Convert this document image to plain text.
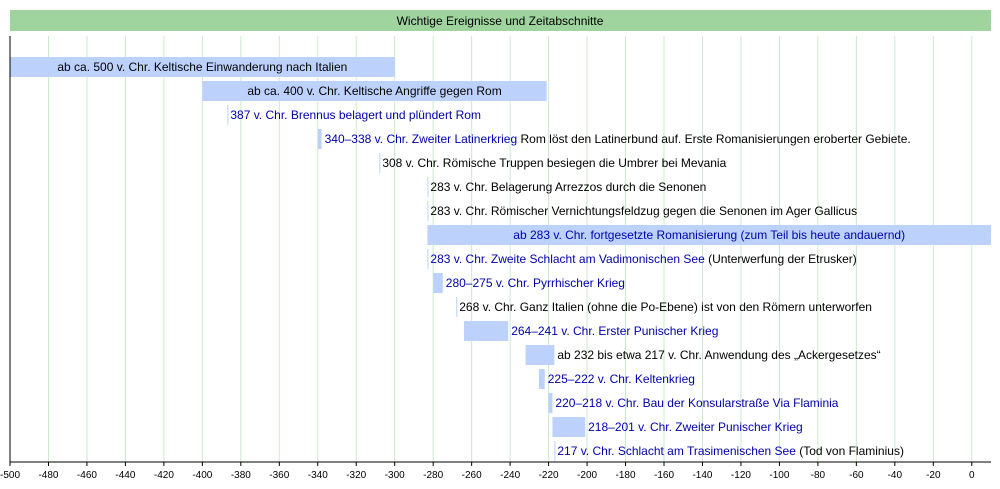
Wichtige Ereignisse und Zeitabschnitte
ab ca. 500 v. Chr. Keltische Einwanderung nach Italien
ab ca. 400 v. Chr. Keltische Angriffe gegen Rom
387 v. Chr. Brennus belagert und plündert Rom
340–338 v. Chr. Zweiter Latinerkrieg Rom löst den Latinerbund auf. Erste Romanisierungen eroberter Gebiete.
308 v. Chr. Römische Truppen besiegen die Umbrer bei Mevania
283 v. Chr. Belagerung Arrezzos durch die Senonen
283 v. Chr. Römischer Vernichtungsfeldzug gegen die Senonen im Ager Gallicus
ab 283 v. Chr. fortgesetzte Romanisierung (zum Teil bis heute andauernd)
283 v. Chr. Zweite Schlacht am Vadimonischen See (Unterwerfung der Etrusker)
280–275 v. Chr. Pyrrhischer Krieg
268 v. Chr. Ganz Italien (ohne die Po-Ebene) ist von den Römern unterworfen
264–241 v. Chr. Erster Punischer Krieg
ab 232 bis etwa 217 v. Chr. Anwendung des „Ackergesetzes“
225–222 v. Chr. Keltenkrieg
220–218 v. Chr. Bau der Konsularstraße Via Flaminia
218–201 v. Chr. Zweiter Punischer Krieg
217 v. Chr. Schlacht am Trasimenischen See (Tod von Flaminius)
-500 -480 -460 -440 -420 -400 -380 -360 -340 -320 -300 -280 -260 -240 -220 -200 -180 -160 -140 -120 -100 -80 -60 -40 -20	0
